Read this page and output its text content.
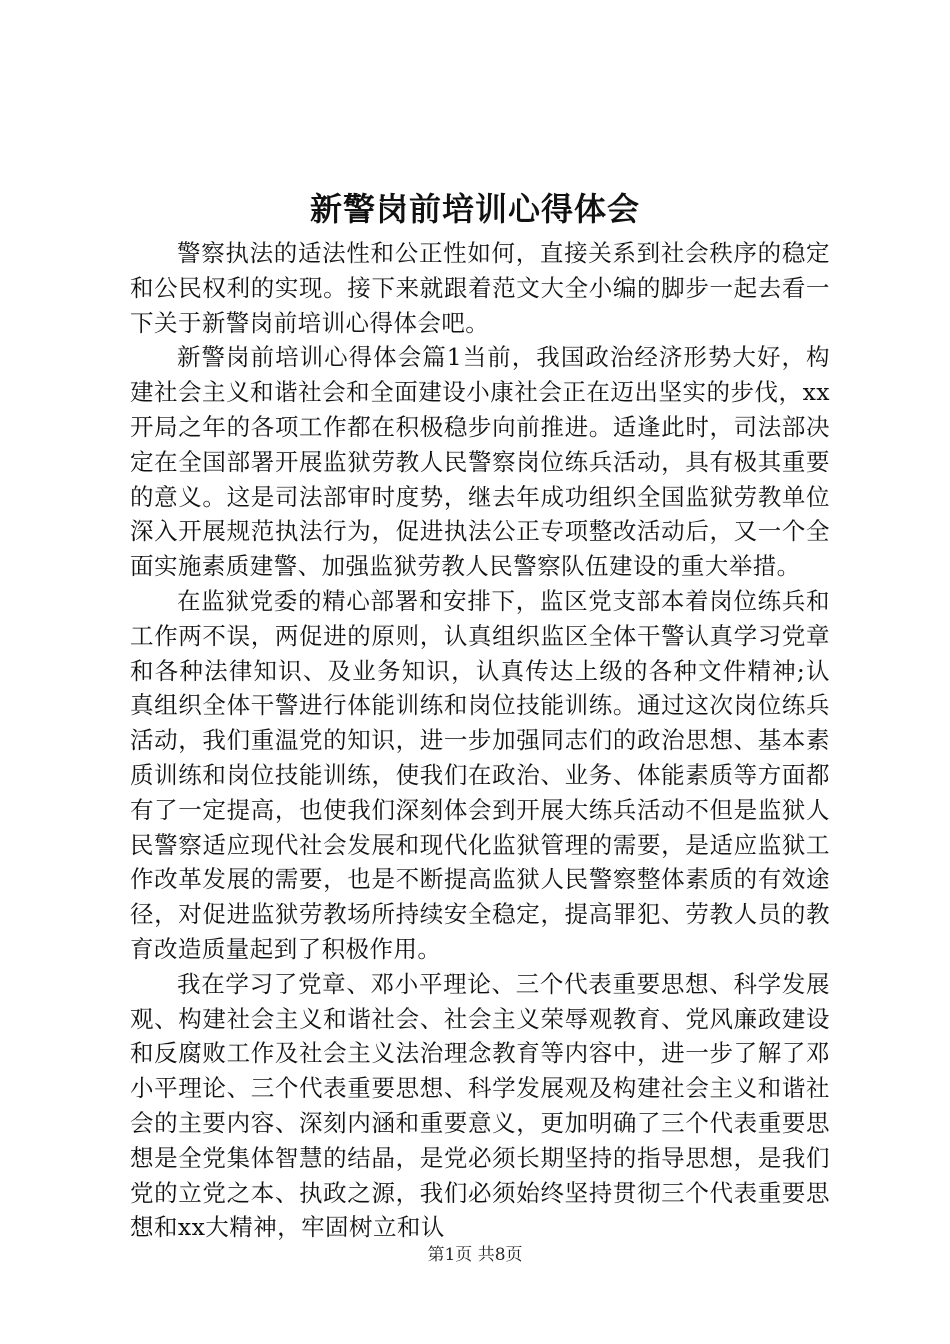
新警岗前培训心得体会

警察执法的适法性和公正性如何，直接关系到社会秩序的稳定和公民权利的实现。接下来就跟着范文大全小编的脚步一起去看一下关于新警岗前培训心得体会吧。

新警岗前培训心得体会篇1当前，我国政治经济形势大好，构建社会主义和谐社会和全面建设小康社会正在迈出坚实的步伐，xx开局之年的各项工作都在积极稳步向前推进。适逢此时，司法部决定在全国部署开展监狱劳教人民警察岗位练兵活动，具有极其重要的意义。这是司法部审时度势，继去年成功组织全国监狱劳教单位深入开展规范执法行为，促进执法公正专项整改活动后，又一个全面实施素质建警、加强监狱劳教人民警察队伍建设的重大举措。

在监狱党委的精心部署和安排下，监区党支部本着岗位练兵和工作两不误，两促进的原则，认真组织监区全体干警认真学习党章和各种法律知识、及业务知识，认真传达上级的各种文件精神;认真组织全体干警进行体能训练和岗位技能训练。通过这次岗位练兵活动，我们重温党的知识，进一步加强同志们的政治思想、基本素质训练和岗位技能训练，使我们在政治、业务、体能素质等方面都有了一定提高，也使我们深刻体会到开展大练兵活动不但是监狱人民警察适应现代社会发展和现代化监狱管理的需要，是适应监狱工作改革发展的需要，也是不断提高监狱人民警察整体素质的有效途径，对促进监狱劳教场所持续安全稳定，提高罪犯、劳教人员的教育改造质量起到了积极作用。

我在学习了党章、邓小平理论、三个代表重要思想、科学发展观、构建社会主义和谐社会、社会主义荣辱观教育、党风廉政建设和反腐败工作及社会主义法治理念教育等内容中，进一步了解了邓小平理论、三个代表重要思想、科学发展观及构建社会主义和谐社会的主要内容、深刻内涵和重要意义，更加明确了三个代表重要思想是全党集体智慧的结晶，是党必须长期坚持的指导思想，是我们党的立党之本、执政之源，我们必须始终坚持贯彻三个代表重要思想和xx大精神，牢固树立和认

第1页 共8页
